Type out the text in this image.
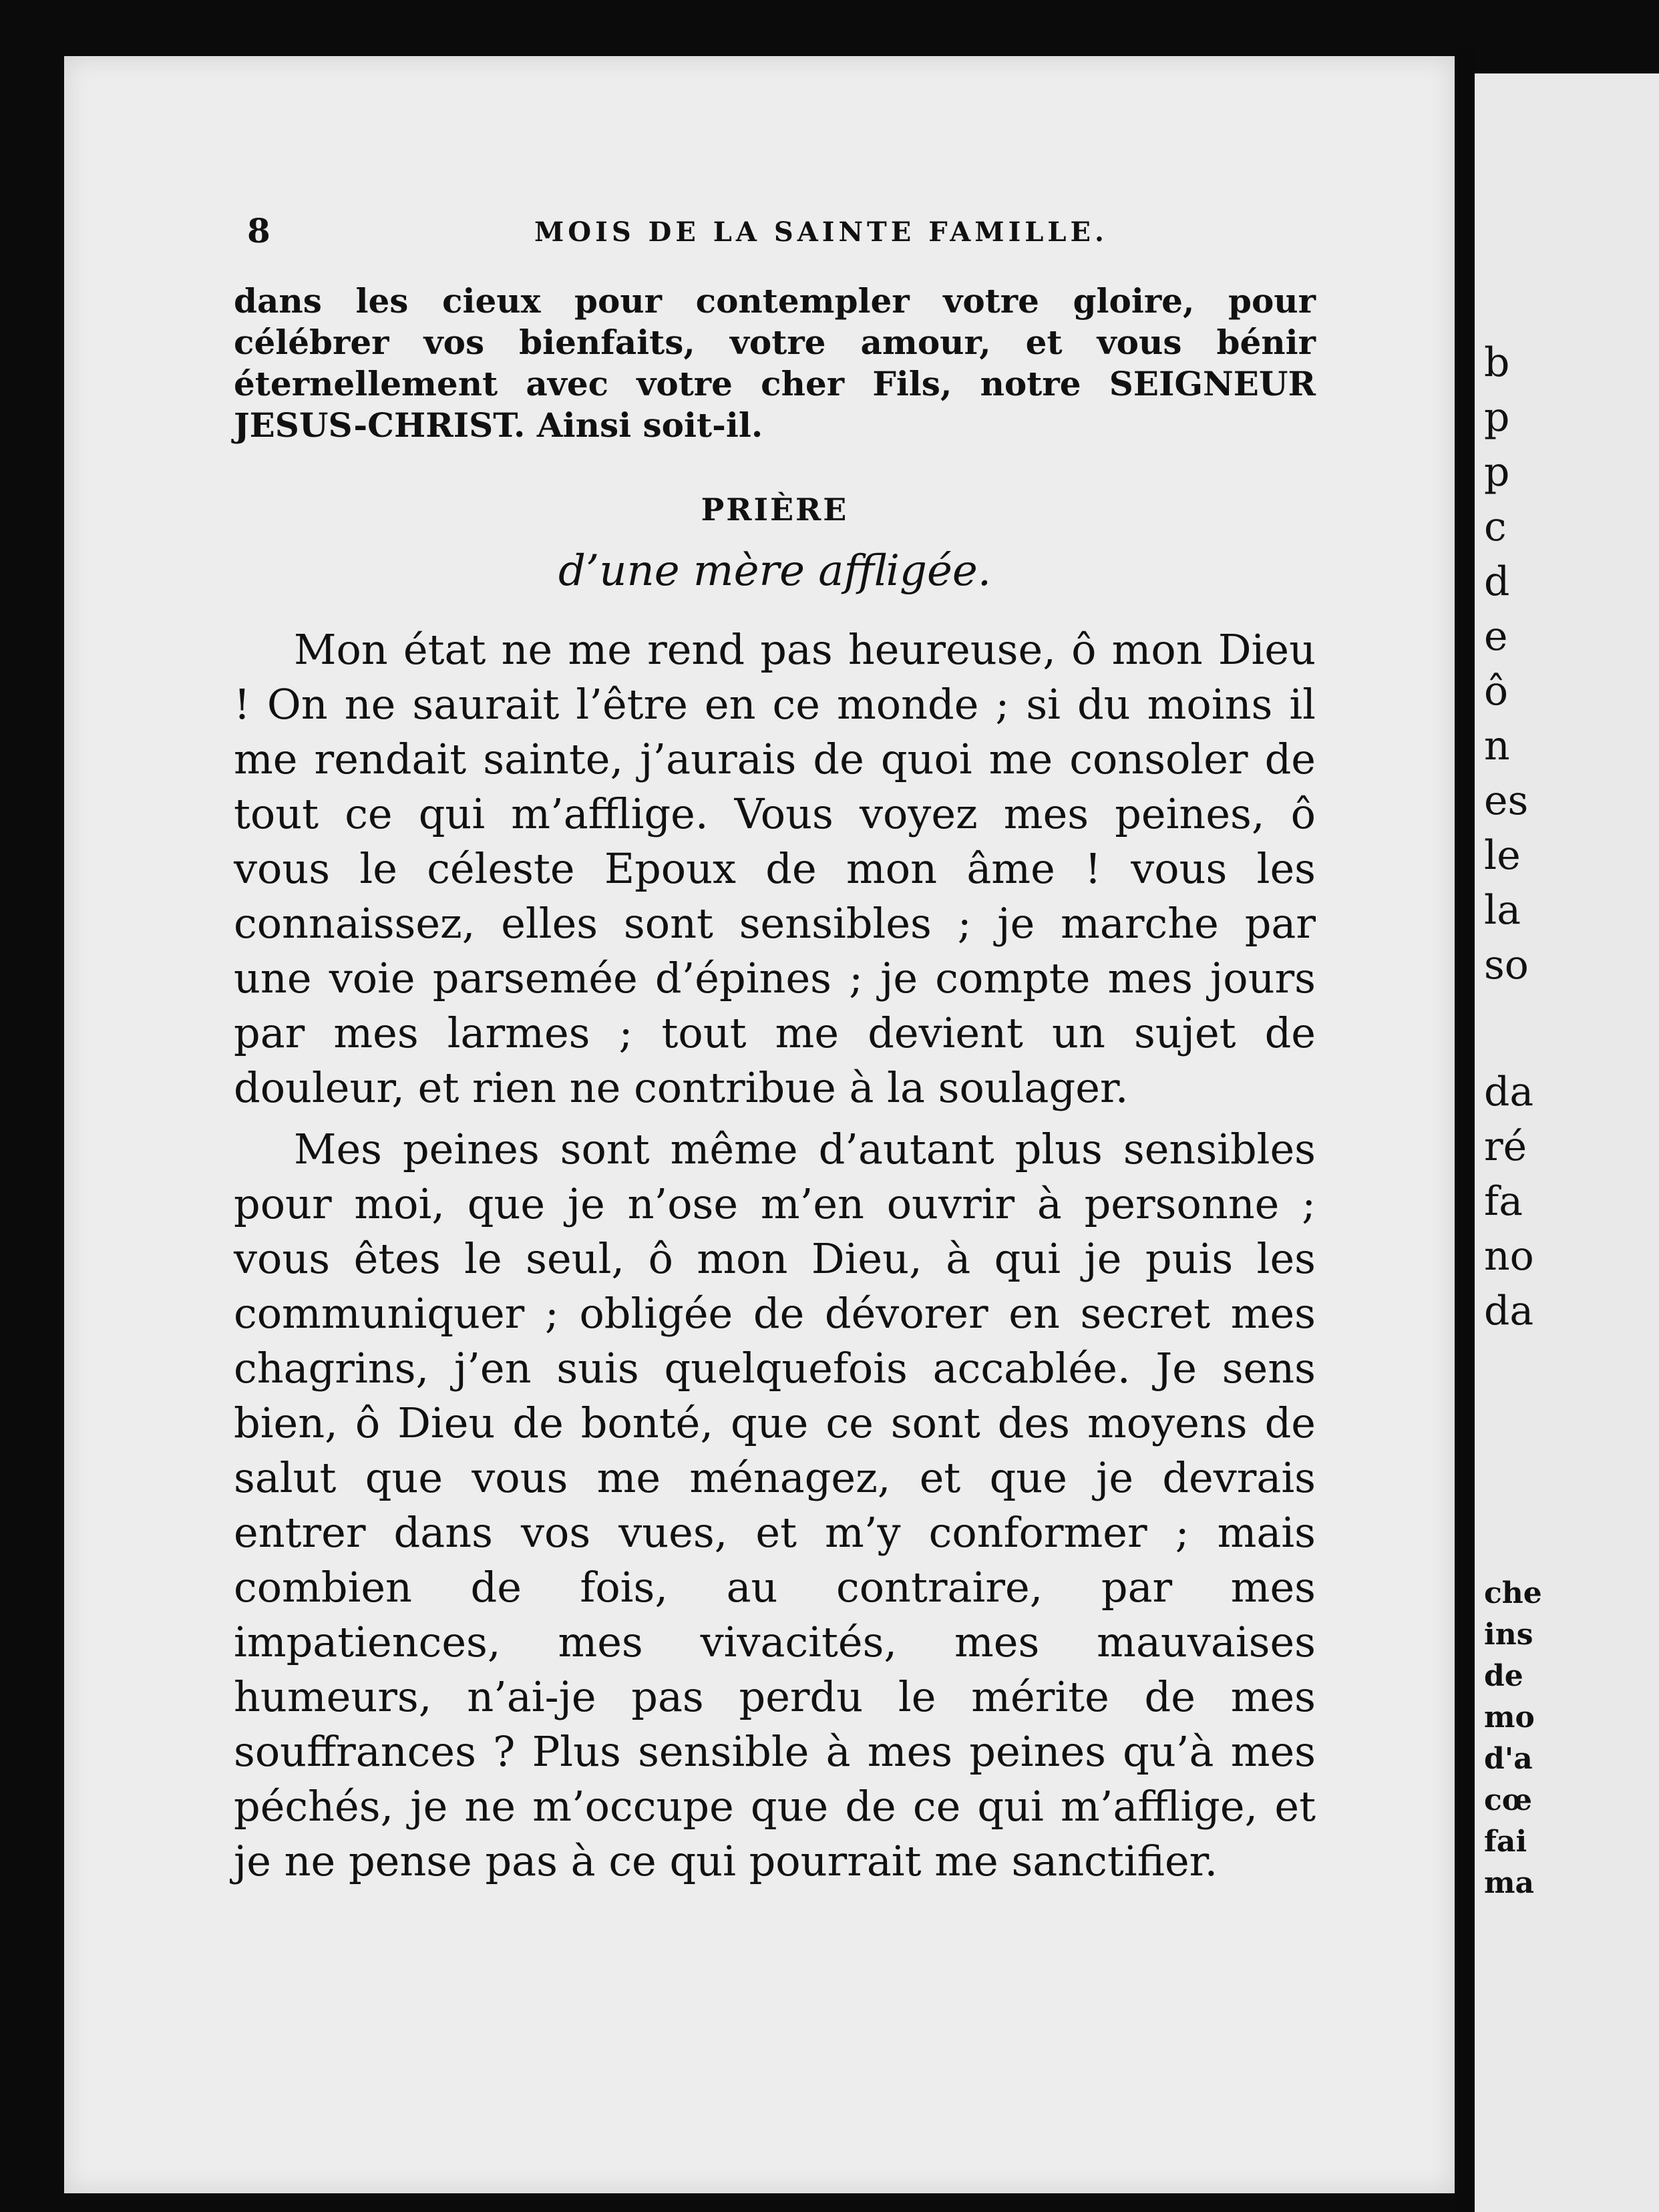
8	MOIS DE LA SAINTE FAMILLE.

dans les cieux pour contempler votre gloire, pour célébrer vos bienfaits, votre amour, et vous bénir éternellement avec votre cher Fils, notre SEIGNEUR JESUS-CHRIST. Ainsi soit-il.

PRIÈRE
d’une mère affligée.

Mon état ne me rend pas heureuse, ô mon Dieu ! On ne saurait l’être en ce monde ; si du moins il me rendait sainte, j’aurais de quoi me consoler de tout ce qui m’afflige. Vous voyez mes peines, ô vous le céleste Epoux de mon âme ! vous les connaissez, elles sont sensibles ; je marche par une voie parsemée d’épines ; je compte mes jours par mes larmes ; tout me devient un sujet de douleur, et rien ne contribue à la soulager.

Mes peines sont même d’autant plus sensibles pour moi, que je n’ose m’en ouvrir à personne ; vous êtes le seul, ô mon Dieu, à qui je puis les communiquer ; obligée de dévorer en secret mes chagrins, j’en suis quelquefois accablée. Je sens bien, ô Dieu de bonté, que ce sont des moyens de salut que vous me ménagez, et que je devrais entrer dans vos vues, et m’y conformer ; mais combien de fois, au contraire, par mes impatiences, mes vivacités, mes mauvaises humeurs, n’ai-je pas perdu le mérite de mes souffrances ? Plus sensible à mes peines qu’à mes péchés, je ne m’occupe que de ce qui m’afflige, et je ne pense pas à ce qui pourrait me sanctifier.

b
p
p
c
d
e
ô
n
es
le
la
so
da
ré
fa
no
da
che
ins
de
mo
d'a
cœ
fai
ma
